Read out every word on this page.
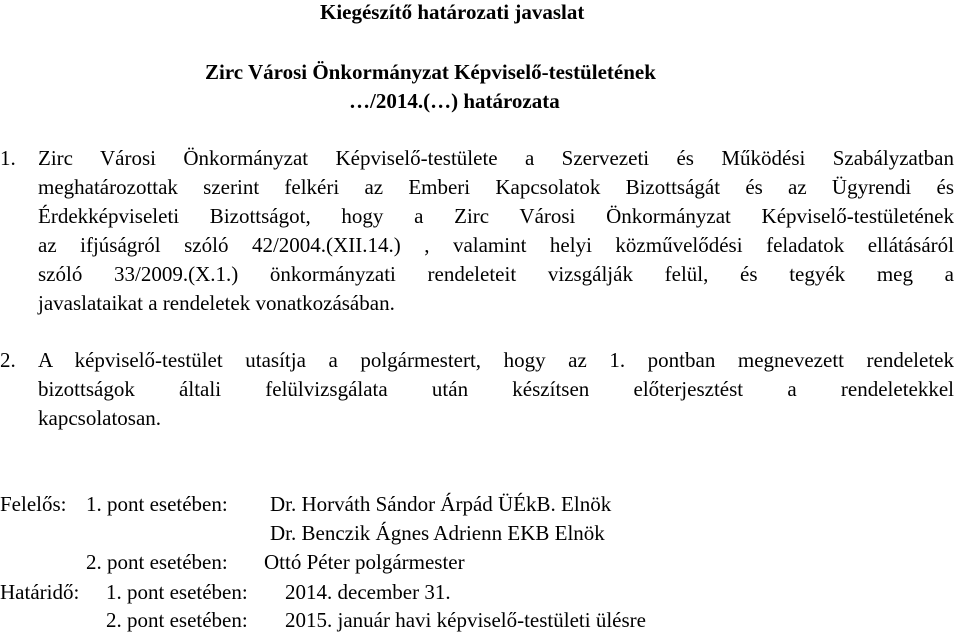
Kiegészítő határozati javaslat
Zirc Városi Önkormányzat Képviselő-testületének
…/2014.(…) határozata
1. Zirc Városi Önkormányzat Képviselő-testülete a Szervezeti és Működési Szabályzatban
meghatározottak szerint felkéri az Emberi Kapcsolatok Bizottságát és az Ügyrendi és
Érdekképviseleti Bizottságot, hogy a Zirc Városi Önkormányzat Képviselő-testületének
az ifjúságról szóló 42/2004.(XII.14.) , valamint helyi közművelődési feladatok ellátásáról
szóló 33/2009.(X.1.) önkormányzati rendeleteit vizsgálják felül, és tegyék meg a
javaslataikat a rendeletek vonatkozásában.
2. A képviselő-testület utasítja a polgármestert, hogy az 1. pontban megnevezett rendeletek
bizottságok általi felülvizsgálata után készítsen előterjesztést a rendeletekkel
kapcsolatosan.
Felelős: 1. pont esetében: Dr. Horváth Sándor Árpád ÜÉkB. Elnök
Dr. Benczik Ágnes Adrienn EKB Elnök
2. pont esetében: Ottó Péter polgármester
Határidő: 1. pont esetében: 2014. december 31.
2. pont esetében: 2015. január havi képviselő-testületi ülésre
